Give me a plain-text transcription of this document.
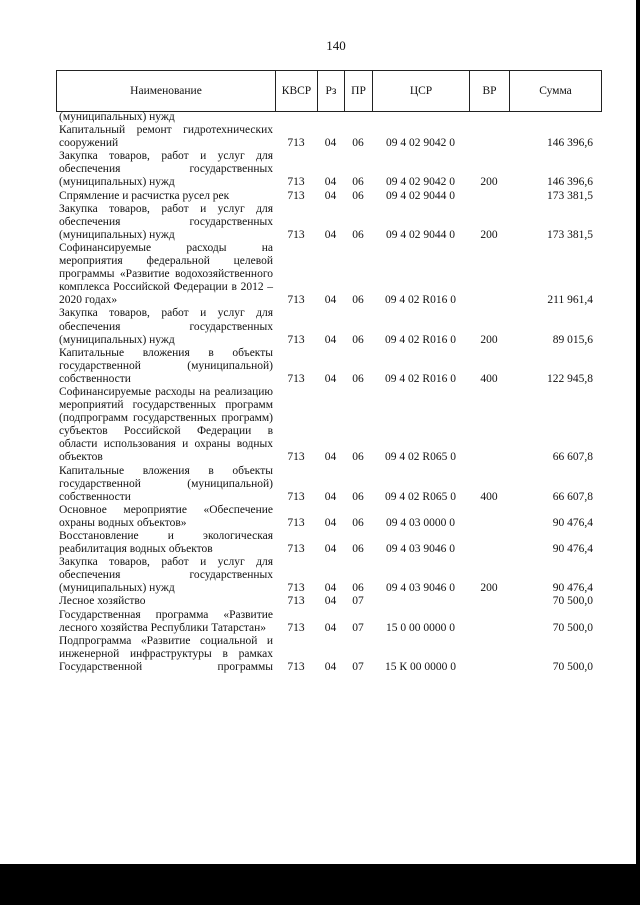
140
Наименование	КВСР	Рз	ПР	ЦСР	ВР	Сумма
(муниципальных) нужд						
Капитальный ремонт гидротехнических сооружений	713	04	06	09 4 02 9042 0		146 396,6
Закупка товаров, работ и услуг для обеспечения государственных (муниципальных) нужд	713	04	06	09 4 02 9042 0	200	146 396,6
Спрямление и расчистка русел рек	713	04	06	09 4 02 9044 0		173 381,5
Закупка товаров, работ и услуг для обеспечения государственных (муниципальных) нужд	713	04	06	09 4 02 9044 0	200	173 381,5
Софинансируемые расходы на мероприятия федеральной целевой программы «Развитие водохозяйственного комплекса Российской Федерации в 2012 – 2020 годах»	713	04	06	09 4 02 R016 0		211 961,4
Закупка товаров, работ и услуг для обеспечения государственных (муниципальных) нужд	713	04	06	09 4 02 R016 0	200	89 015,6
Капитальные вложения в объекты государственной (муниципальной) собственности	713	04	06	09 4 02 R016 0	400	122 945,8
Софинансируемые расходы на реализацию мероприятий государственных программ (подпрограмм государственных программ) субъектов Российской Федерации в области использования и охраны водных объектов	713	04	06	09 4 02 R065 0		66 607,8
Капитальные вложения в объекты государственной (муниципальной) собственности	713	04	06	09 4 02 R065 0	400	66 607,8
Основное мероприятие «Обеспечение охраны водных объектов»	713	04	06	09 4 03 0000 0		90 476,4
Восстановление и экологическая реабилитация водных объектов	713	04	06	09 4 03 9046 0		90 476,4
Закупка товаров, работ и услуг для обеспечения государственных (муниципальных) нужд	713	04	06	09 4 03 9046 0	200	90 476,4
Лесное хозяйство	713	04	07			70 500,0
Государственная программа «Развитие лесного хозяйства Республики Татарстан»	713	04	07	15 0 00 0000 0		70 500,0
Подпрограмма «Развитие социальной и инженерной инфраструктуры в рамках Государственной программы	713	04	07	15 К 00 0000 0		70 500,0
